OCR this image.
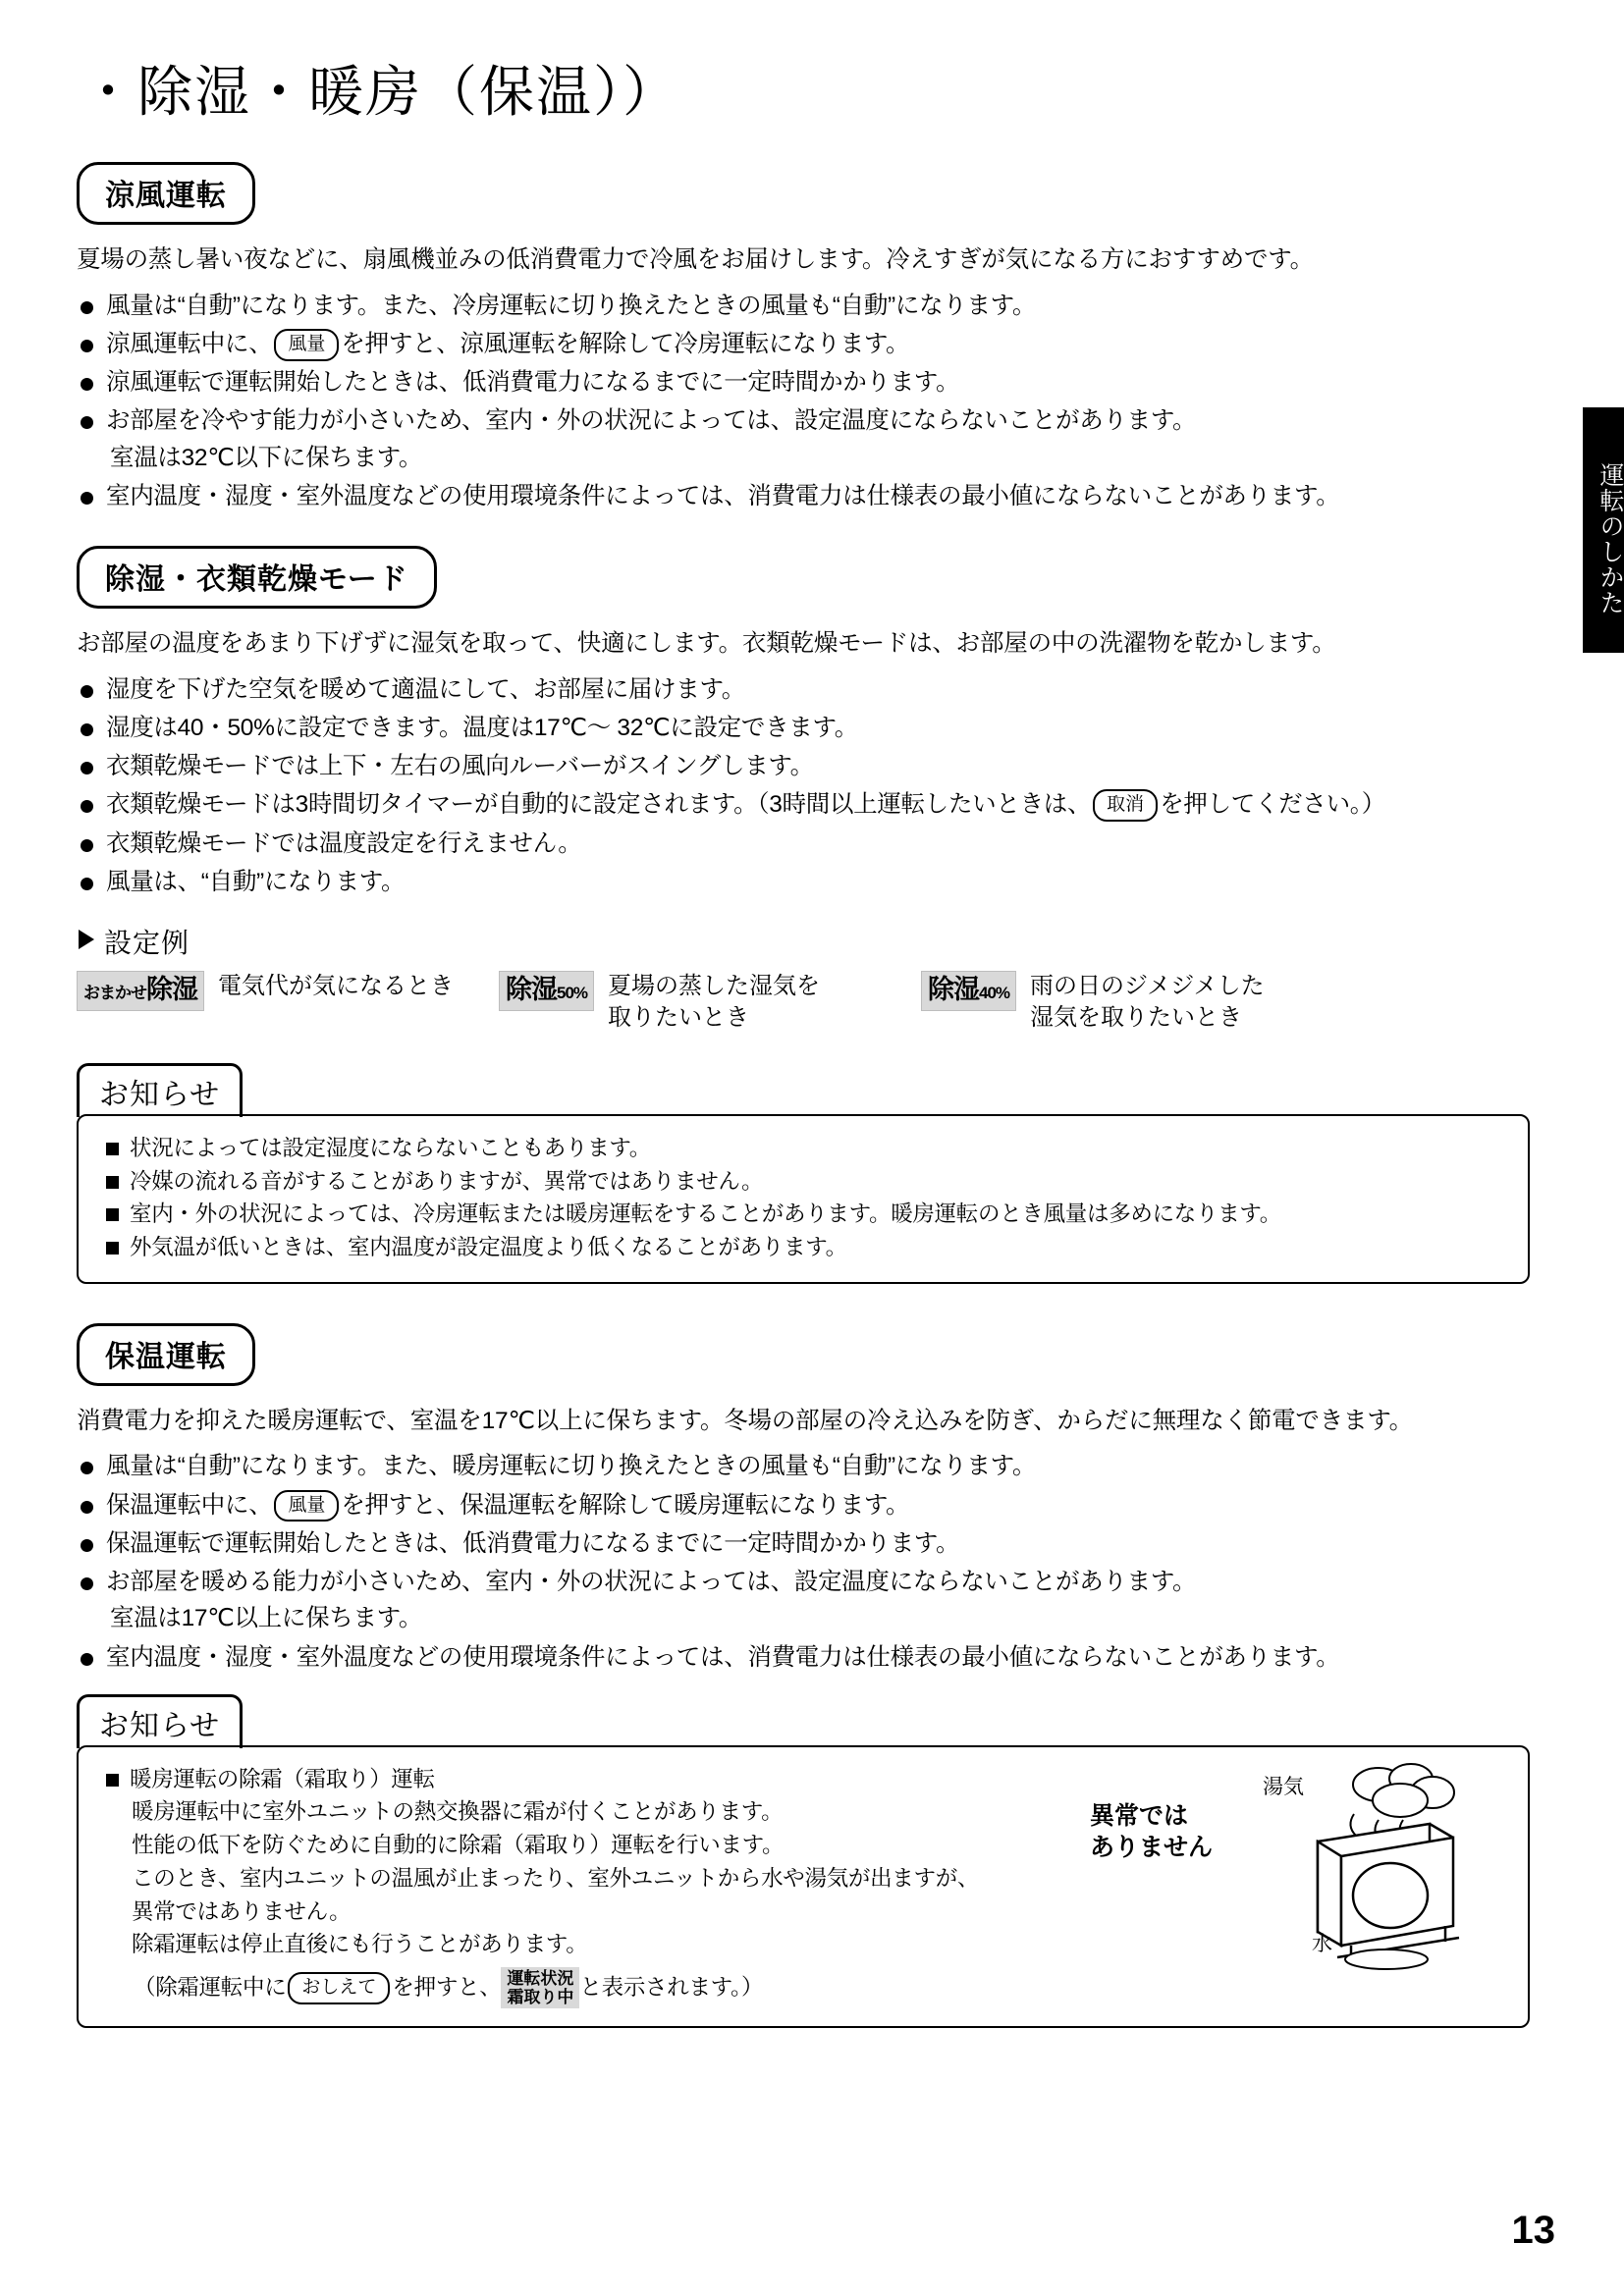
運転のしかた
・除湿・暖房（保温））
涼風運転

夏場の蒸し暑い夜などに、扇風機並みの低消費電力で冷風をお届けします。冷えすぎが気になる方におすすめです。

風量は“自動”になります。また、冷房運転に切り換えたときの風量も“自動”になります。
涼風運転中に、 風量 を押すと、涼風運転を解除して冷房運転になります。
涼風運転で運転開始したときは、低消費電力になるまでに一定時間かかります。
お部屋を冷やす能力が小さいため、室内・外の状況によっては、設定温度にならないことがあります。
室温は32℃以下に保ちます。
室内温度・湿度・室外温度などの使用環境条件によっては、消費電力は仕様表の最小値にならないことがあります。
除湿・衣類乾燥モード

お部屋の温度をあまり下げずに湿気を取って、快適にします。衣類乾燥モードは、お部屋の中の洗濯物を乾かします。

湿度を下げた空気を暖めて適温にして、お部屋に届けます。
湿度は40・50%に設定できます。温度は17℃〜 32℃に設定できます。
衣類乾燥モードでは上下・左右の風向ルーバーがスイングします。
衣類乾燥モードは3時間切タイマーが自動的に設定されます。（3時間以上運転したいときは、 取消 を押してください。）
衣類乾燥モードでは温度設定を行えません。
風量は、“自動”になります。
設定例
おまかせ除湿 電気代が気になるとき 除湿50% 夏場の蒸した湿気を
取りたいとき
除湿40% 雨の日のジメジメした
湿気を取りたいとき
お知らせ
状況によっては設定湿度にならないこともあります。
冷媒の流れる音がすることがありますが、異常ではありません。
室内・外の状況によっては、冷房運転または暖房運転をすることがあります。暖房運転のとき風量は多めになります。
外気温が低いときは、室内温度が設定温度より低くなることがあります。
保温運転

消費電力を抑えた暖房運転で、室温を17℃以上に保ちます。冬場の部屋の冷え込みを防ぎ、からだに無理なく節電できます。

風量は“自動”になります。また、暖房運転に切り換えたときの風量も“自動”になります。
保温運転中に、 風量 を押すと、保温運転を解除して暖房運転になります。
保温運転で運転開始したときは、低消費電力になるまでに一定時間かかります。
お部屋を暖める能力が小さいため、室内・外の状況によっては、設定温度にならないことがあります。
室温は17℃以上に保ちます。
室内温度・湿度・室外温度などの使用環境条件によっては、消費電力は仕様表の最小値にならないことがあります。
お知らせ
暖房運転の除霜（霜取り）運転
暖房運転中に室外ユニットの熱交換器に霜が付くことがあります。
性能の低下を防ぐために自動的に除霜（霜取り）運転を行います。
このとき、室内ユニットの温風が止まったり、室外ユニットから水や湯気が出ますが、
異常ではありません。
除霜運転は停止直後にも行うことがあります。
（除霜運転中に おしえて を押すと、 運転状況
霜取り中 と表示されます。）
異常では
ありません
湯気
水
13
